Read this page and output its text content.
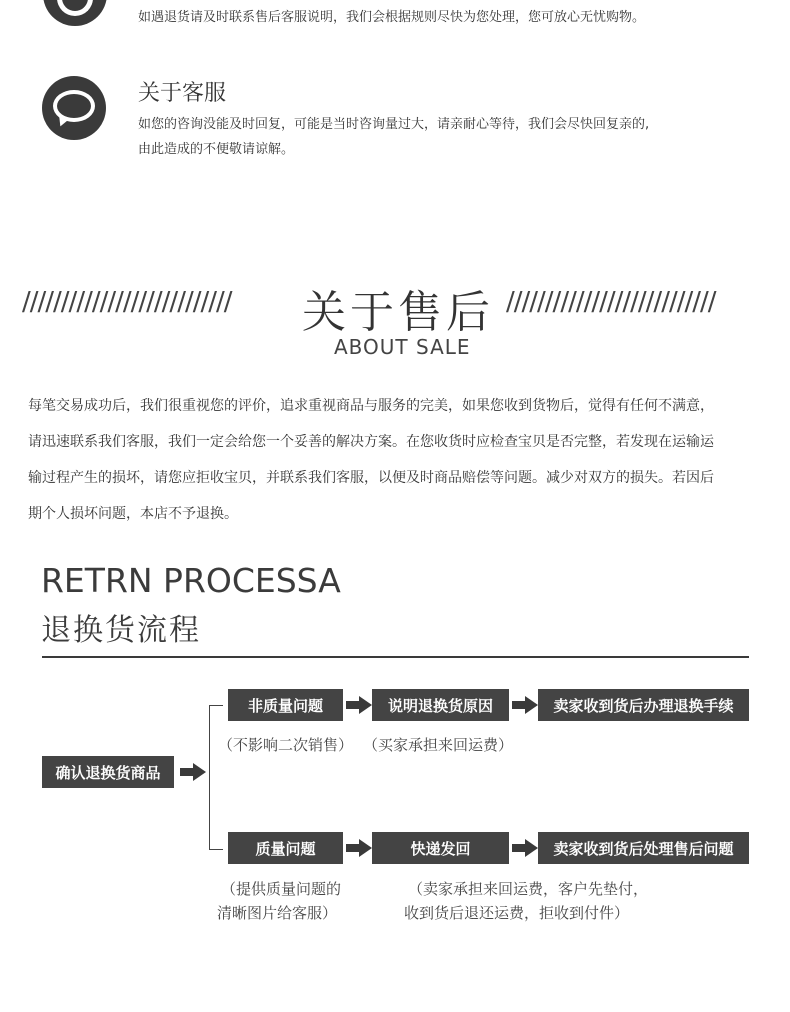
如遇退货请及时联系售后客服说明，我们会根据规则尽快为您处理，您可放心无忧购物。
关于客服
如您的咨询没能及时回复，可能是当时咨询量过大，请亲耐心等待，我们会尽快回复亲的,
由此造成的不便敬请谅解。
///////////////////////////	关于售后 ///////////////////////////
ABOUT SALE
每笔交易成功后，我们很重视您的评价，追求重视商品与服务的完美，如果您收到货物后，觉得有任何不满意，
请迅速联系我们客服，我们一定会给您一个妥善的解决方案。在您收货时应检查宝贝是否完整，若发现在运输运
输过程产生的损坏，请您应拒收宝贝，并联系我们客服，以便及时商品赔偿等问题。减少对双方的损失。若因后
期个人损坏问题，本店不予退换。
RETRN PROCESSA
退换货流程
确认退换货商品
非质量问题	说明退换货原因	卖家收到货后办理退换手续
（不影响二次销售） （买家承担来回运费）
质量问题	快递发回	卖家收到货后处理售后问题
（提供质量问题的
清晰图片给客服）
（卖家承担来回运费，客户先垫付，
收到货后退还运费，拒收到付件）
